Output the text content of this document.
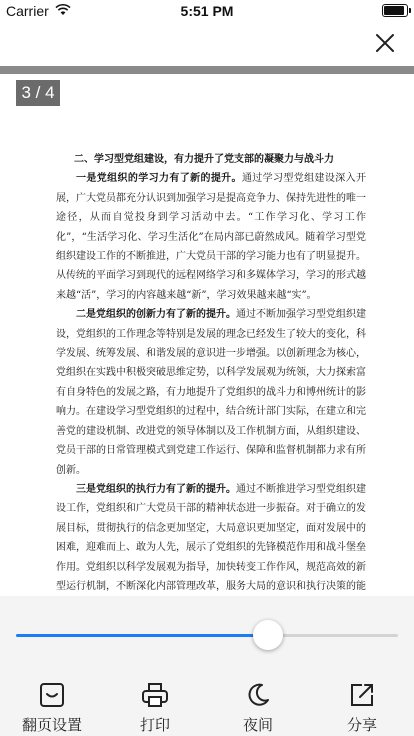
Carrier	5:51 PM
3 / 4

二、学习型党组建设，有力提升了党支部的凝聚力与战斗力

一是党组织的学习力有了新的提升。通过学习型党组建设深入开展，广大党员都充分认识到加强学习是提高竞争力、保持先进性的唯一途径，从而自觉投身到学习活动中去。“工作学习化、学习工作化”，“生活学习化、学习生活化”在局内部已蔚然成风。随着学习型党组织建设工作的不断推进，广大党员干部的学习能力也有了明显提升。从传统的平面学习到现代的远程网络学习和多媒体学习，学习的形式越来越“活”，学习的内容越来越“新”，学习效果越来越“实”。

二是党组织的创新力有了新的提升。通过不断加强学习型党组织建设，党组织的工作理念等特别是发展的理念已经发生了较大的变化，科学发展、统筹发展、和谐发展的意识进一步增强。以创新理念为核心，党组织在实践中积极突破思维定势，以科学发展观为统领，大力探索富有自身特色的发展之路，有力地提升了党组织的战斗力和博州统计的影响力。在建设学习型党组织的过程中，结合统计部门实际，在建立和完善党的建设机制、改进党的领导体制以及工作机制方面，从组织建设、党员干部的日常管理模式到党建工作运行、保障和监督机制都力求有所创新。

三是党组织的执行力有了新的提升。通过不断推进学习型党组织建设工作，党组织和广大党员干部的精神状态进一步振奋。对于确立的发展目标，贯彻执行的信念更加坚定，大局意识更加坚定，面对发展中的困难，迎难而上、敢为人先，展示了党组织的先锋模范作用和战斗堡垒作用。党组织以科学发展观为指导，加快转变工作作风，规范高效的新型运行机制，不断深化内部管理改革，服务大局的意识和执行决策的能

翻页设置	打印	夜间	分享
